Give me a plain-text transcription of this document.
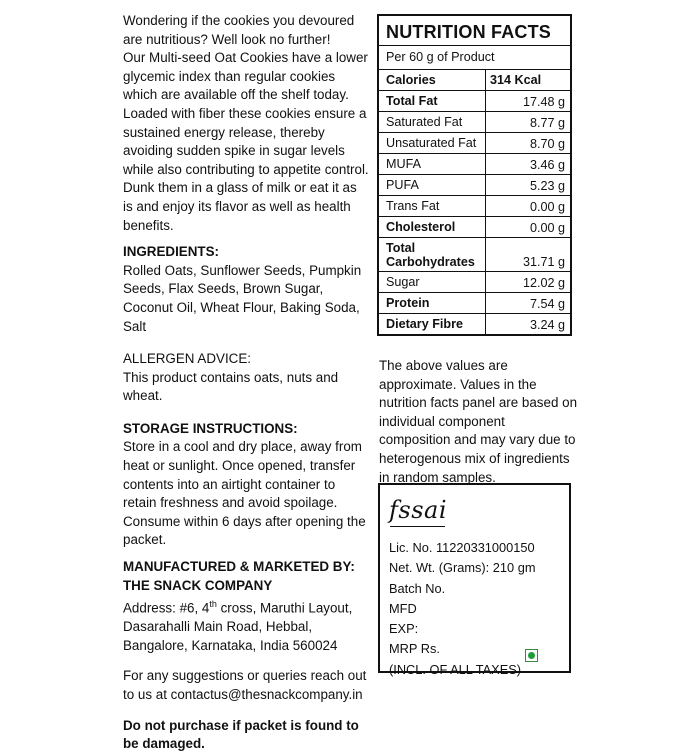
Wondering if the cookies you devoured are nutritious? Well look no further!

Our Multi-seed Oat Cookies have a lower glycemic index than regular cookies which are available off the shelf today.

Loaded with fiber these cookies ensure a sustained energy release, thereby avoiding sudden spike in sugar levels while also contributing to appetite control.

Dunk them in a glass of milk or eat it as is and enjoy its flavor as well as health benefits.

INGREDIENTS:

Rolled Oats, Sunflower Seeds, Pumpkin Seeds, Flax Seeds, Brown Sugar, Coconut Oil, Wheat Flour, Baking Soda, Salt

ALLERGEN ADVICE:

This product contains oats, nuts and wheat.

STORAGE INSTRUCTIONS:

Store in a cool and dry place, away from heat or sunlight. Once opened, transfer contents into an airtight container to retain freshness and avoid spoilage. Consume within 6 days after opening the packet.

MANUFACTURED & MARKETED BY:

THE SNACK COMPANY

Address: #6, 4th cross, Maruthi Layout, Dasarahalli Main Road, Hebbal, Bangalore, Karnataka, India 560024

For any suggestions or queries reach out to us at contactus@thesnackcompany.in

Do not purchase if packet is found to be damaged.

NUTRITION FACTS
Per 60 g of Product
Calories	314 Kcal
Total Fat	17.48 g
Saturated Fat	8.77 g
Unsaturated Fat	8.70 g
MUFA	3.46 g
PUFA	5.23 g
Trans Fat	0.00 g
Cholesterol	0.00 g
Total Carbohydrates	31.71 g
Sugar	12.02 g
Protein	7.54 g
Dietary Fibre	3.24 g

The above values are approximate. Values in the nutrition facts panel are based on individual component composition and may vary due to heterogenous mix of ingredients in random samples.

fssai

Lic. No. 11220331000150

Net. Wt. (Grams): 210 gm

Batch No.

MFD

EXP:

MRP Rs.

(INCL. OF ALL TAXES)
